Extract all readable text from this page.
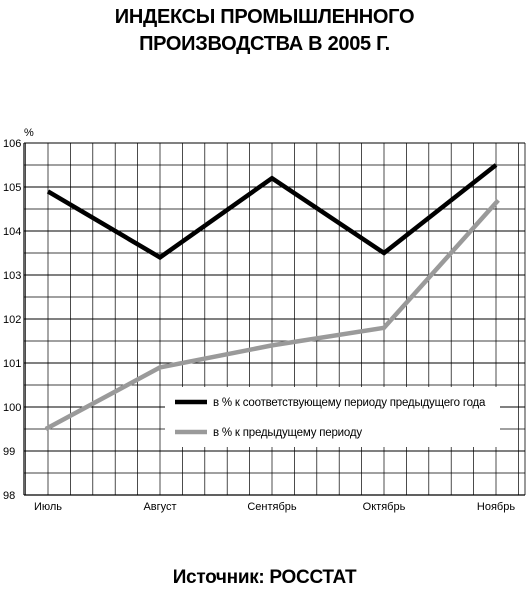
ИНДЕКСЫ ПРОМЫШЛЕННОГО
ПРОИЗВОДСТВА В 2005 Г.
98
99
100
101
102
103
104
105
106
%
Июль	Август	Сентябрь	Октябрь	Ноябрь
в % к соответствующему периоду предыдущего года
в % к предыдущему периоду
Источник: РОССТАТ
